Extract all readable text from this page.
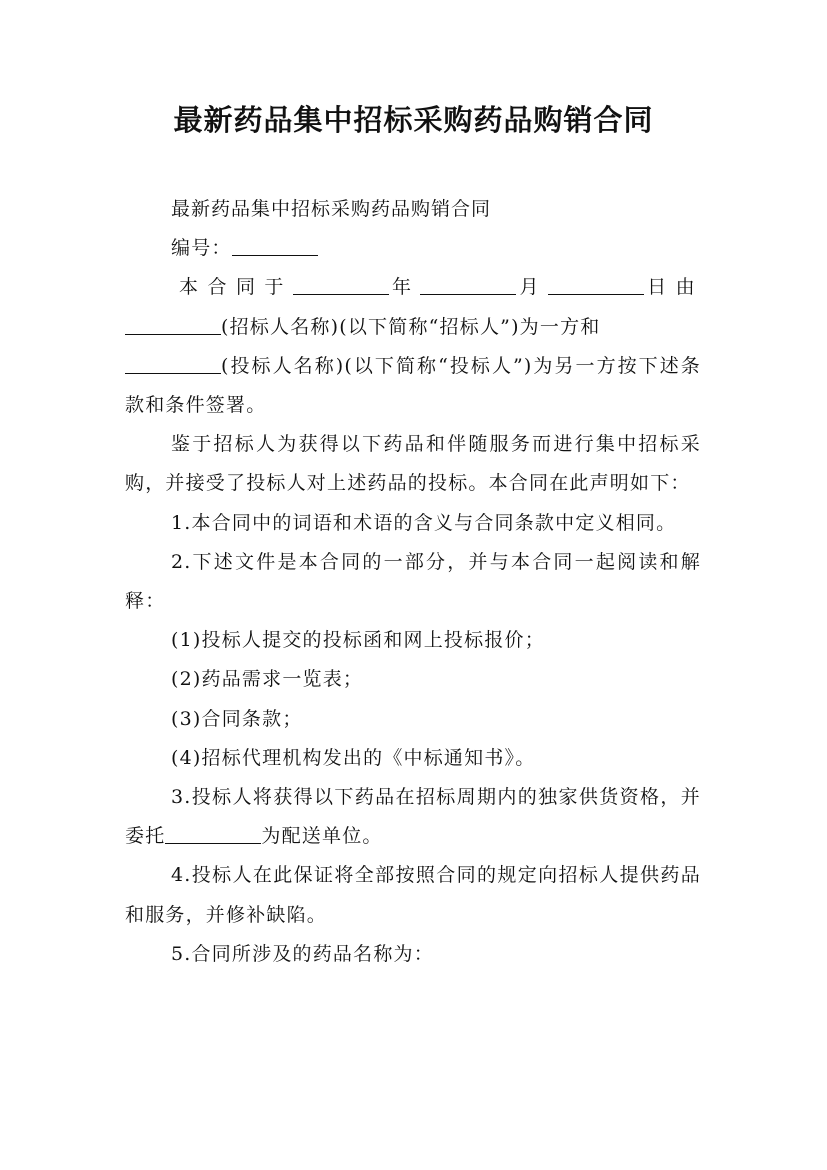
最新药品集中招标采购药品购销合同

最新药品集中招标采购药品购销合同

编号：

本合同于	年	月	日由

(招标人名称)(以下简称“招标人”)为一方和

(投标人名称)(以下简称“投标人”)为另一方按下述条款和条件签署。

鉴于招标人为获得以下药品和伴随服务而进行集中招标采购，并接受了投标人对上述药品的投标。本合同在此声明如下：

1.本合同中的词语和术语的含义与合同条款中定义相同。

2.下述文件是本合同的一部分，并与本合同一起阅读和解释：

(1)投标人提交的投标函和网上投标报价；

(2)药品需求一览表；

(3)合同条款；

(4)招标代理机构发出的《中标通知书》。

3.投标人将获得以下药品在招标周期内的独家供货资格，并委托	为配送单位。

4.投标人在此保证将全部按照合同的规定向招标人提供药品和服务，并修补缺陷。

5.合同所涉及的药品名称为：
